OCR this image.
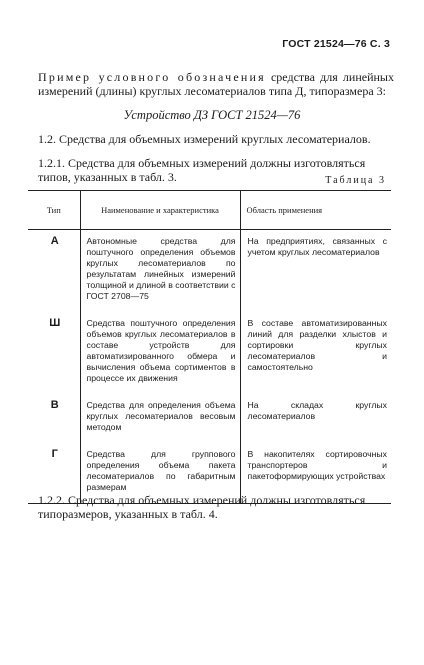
ГОСТ 21524—76 С. 3
Пример условного обозначения средства для линейных измерений (длины) круглых лесоматериалов типа Д, типоразмера 3:
Устройство ДЗ ГОСТ 21524—76
1.2. Средства для объемных измерений круглых лесоматериалов.
1.2.1. Средства для объемных измерений должны изготовляться типов, указанных в табл. 3.	Таблица 3
Тип	Наименование и характеристика	Область применения
А	Автономные средства для поштучного определения объемов круглых лесоматериалов по результатам линейных измерений толщиной и длиной в соответствии с ГОСТ 2708—75	На предприятиях, связанных с учетом круглых лесоматериалов
Ш	Средства поштучного определения объемов круглых лесоматериалов в составе устройств для автоматизированного обмера и вычисления объема сортиментов в процессе их движения	В составе автоматизированных линий для разделки хлыстов и сортировки круглых лесоматериалов и самостоятельно
В	Средства для определения объема круглых лесоматериалов весовым методом	На складах круглых лесоматериалов
Г	Средства для группового определения объема пакета лесоматериалов по габаритным размерам	В накопителях сортировочных транспортеров и пакетоформирующих устройствах
1.2.2. Средства для объемных измерений должны изготовляться типоразмеров, указанных в табл. 4.
